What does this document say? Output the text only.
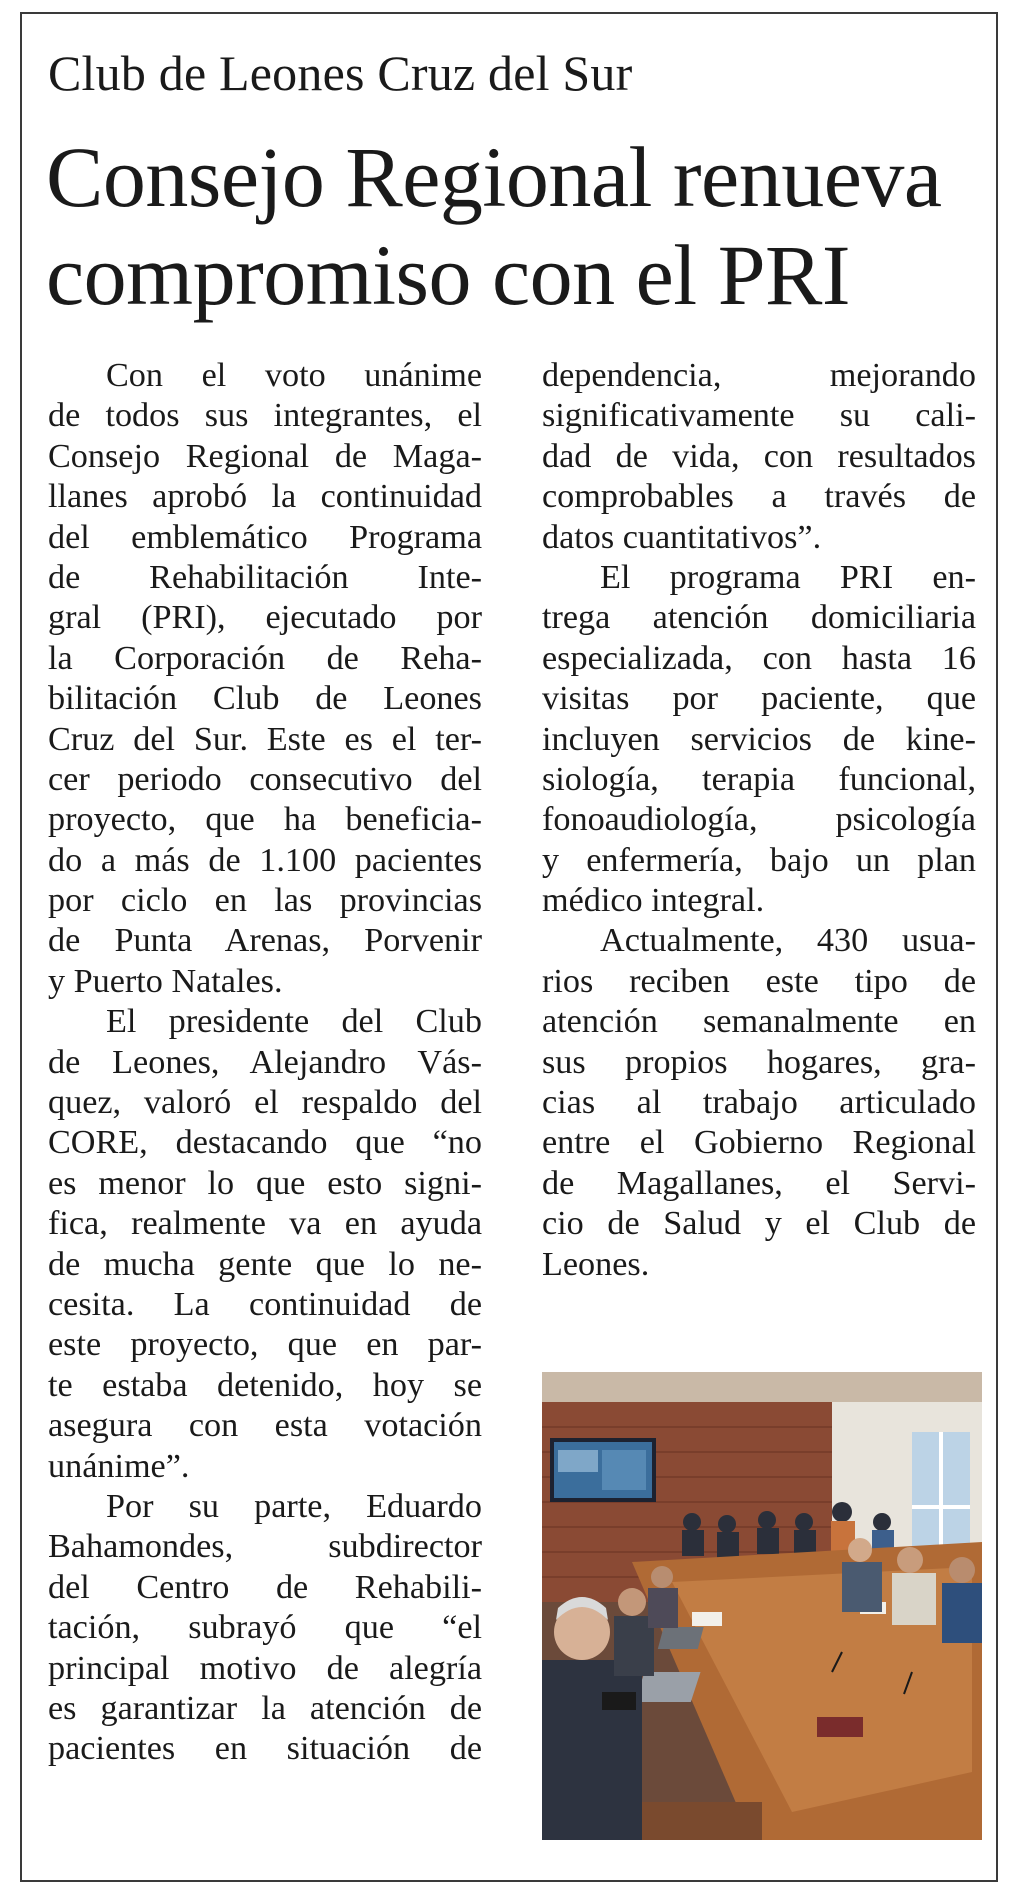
Club de Leones Cruz del Sur
Consejo Regional renueva
compromiso con el PRI
Con el voto unánime
de todos sus integrantes, el
Consejo Regional de Maga-
llanes aprobó la continuidad
del emblemático Programa
de Rehabilitación Inte-
gral (PRI), ejecutado por
la Corporación de Reha-
bilitación Club de Leones
Cruz del Sur. Este es el ter-
cer periodo consecutivo del
proyecto, que ha beneficia-
do a más de 1.100 pacientes
por ciclo en las provincias
de Punta Arenas, Porvenir
y Puerto Natales.
El presidente del Club
de Leones, Alejandro Vás-
quez, valoró el respaldo del
CORE, destacando que “no
es menor lo que esto signi-
fica, realmente va en ayuda
de mucha gente que lo ne-
cesita. La continuidad de
este proyecto, que en par-
te estaba detenido, hoy se
asegura con esta votación
unánime”.
Por su parte, Eduardo
Bahamondes, subdirector
del Centro de Rehabili-
tación, subrayó que “el
principal motivo de alegría
es garantizar la atención de
pacientes en situación de
dependencia, mejorando
significativamente su cali-
dad de vida, con resultados
comprobables a través de
datos cuantitativos”.
El programa PRI en-
trega atención domiciliaria
especializada, con hasta 16
visitas por paciente, que
incluyen servicios de kine-
siología, terapia funcional,
fonoaudiología, psicología
y enfermería, bajo un plan
médico integral.
Actualmente, 430 usua-
rios reciben este tipo de
atención semanalmente en
sus propios hogares, gra-
cias al trabajo articulado
entre el Gobierno Regional
de Magallanes, el Servi-
cio de Salud y el Club de
Leones.
